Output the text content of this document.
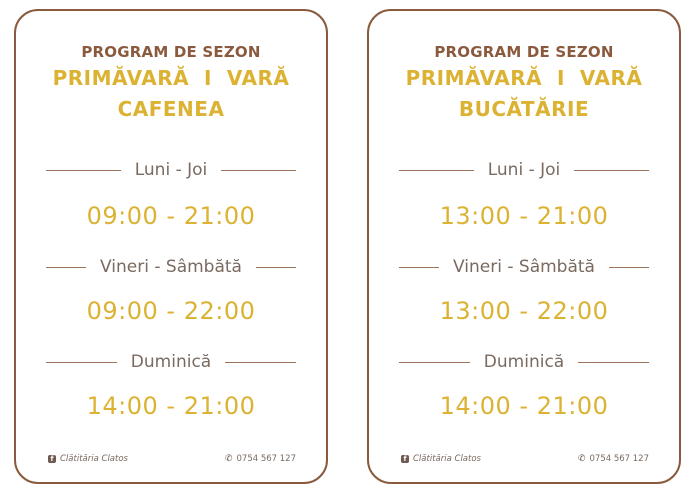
PROGRAM DE SEZON
PRIMĂVARĂ  I  VARĂ
CAFENEA
Luni - Joi
09:00 - 21:00
Vineri - Sâmbătă
09:00 - 22:00
Duminică
14:00 - 21:00
f Clătităria Clatos	✆ 0754 567 127
PROGRAM DE SEZON
PRIMĂVARĂ  I  VARĂ
BUCĂTĂRIE
Luni - Joi
13:00 - 21:00
Vineri - Sâmbătă
13:00 - 22:00
Duminică
14:00 - 21:00
f Clătităria Clatos	✆ 0754 567 127
